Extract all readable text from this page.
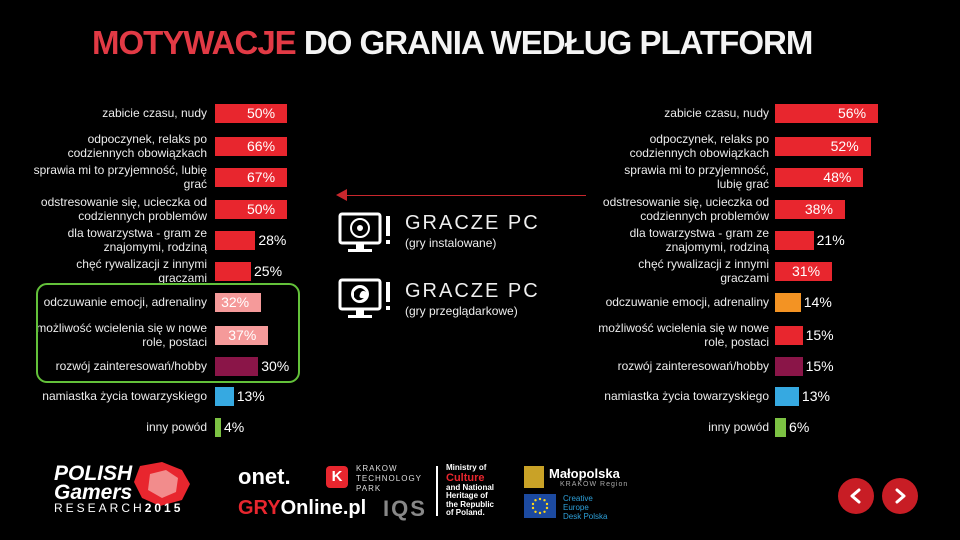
MOTYWACJE DO GRANIA WEDŁUG PLATFORM
zabicie czasu, nudy	50%
odpoczynek, relaks po
codziennych obowiązkach	66%
sprawia mi to przyjemność, lubię
grać	67%
odstresowanie się, ucieczka od
codziennych problemów	50%
dla towarzystwa - gram ze
znajomymi, rodziną	28%
chęć rywalizacji z innymi
graczami	25%
odczuwanie emocji, adrenaliny 32%
możliwość wcielenia się w nowe
role, postaci 37%
rozwój zainteresowań/hobby	30%
namiastka życia towarzyskiego 13%
inny powód 4%
zabicie czasu, nudy	56%
odpoczynek, relaks po
codziennych obowiązkach	52%
sprawia mi to przyjemność,
lubię grać	48%
odstresowanie się, ucieczka od
codziennych problemów	38%
dla towarzystwa - gram ze
znajomymi, rodziną	21%
chęć rywalizacji z innymi
graczami 31%
odczuwanie emocji, adrenaliny 14%
możliwość wcielenia się w nowe
role, postaci	15%
rozwój zainteresowań/hobby	15%
namiastka życia towarzyskiego 13%
inny powód 6%
GRACZE PC
(gry instalowane)
GRACZE PC
(gry przeglądarkowe)
POLISH
Gamers
RESEARCH2015
onet.
GRYOnline.pl
K	KRAKOW
TECHNOLOGY
PARK
IQS
Ministry of
Culture
and National
Heritage of
the Republic
of Poland.
Małopolska
KRAKÓW Region
Creative
Europe
Desk Polska
